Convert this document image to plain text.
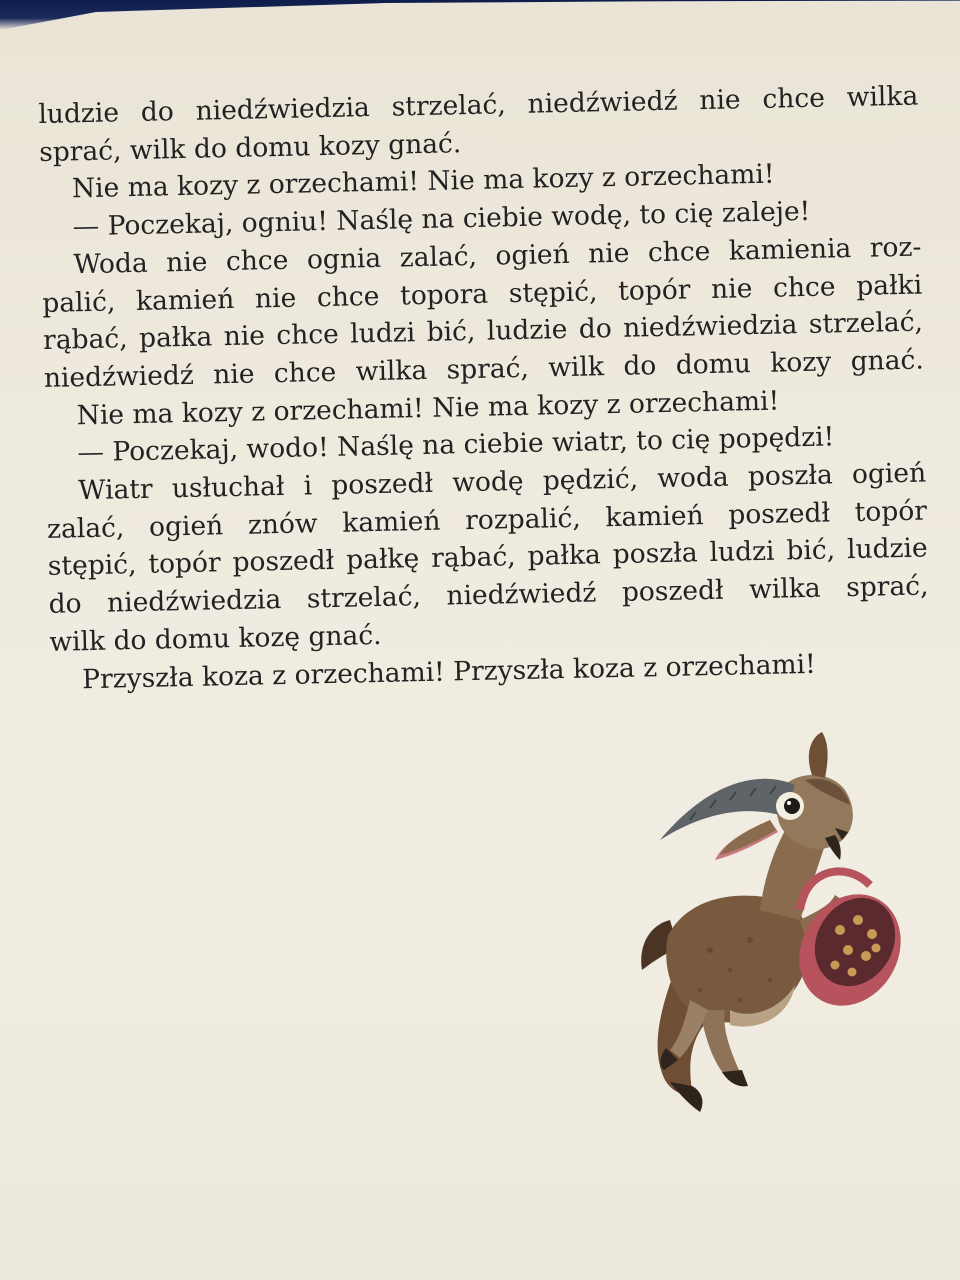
ludzie do niedźwiedzia strzelać, niedźwiedź nie chce wilka
sprać, wilk do domu kozy gnać.
Nie ma kozy z orzechami! Nie ma kozy z orzechami!
— Poczekaj, ogniu! Naślę na ciebie wodę, to cię zaleje!
Woda nie chce ognia zalać, ogień nie chce kamienia roz-
palić, kamień nie chce topora stępić, topór nie chce pałki
rąbać, pałka nie chce ludzi bić, ludzie do niedźwiedzia strzelać,
niedźwiedź nie chce wilka sprać, wilk do domu kozy gnać.
Nie ma kozy z orzechami! Nie ma kozy z orzechami!
— Poczekaj, wodo! Naślę na ciebie wiatr, to cię popędzi!
Wiatr usłuchał i poszedł wodę pędzić, woda poszła ogień
zalać, ogień znów kamień rozpalić, kamień poszedł topór
stępić, topór poszedł pałkę rąbać, pałka poszła ludzi bić, ludzie
do niedźwiedzia strzelać, niedźwiedź poszedł wilka sprać,
wilk do domu kozę gnać.
Przyszła koza z orzechami! Przyszła koza z orzechami!
